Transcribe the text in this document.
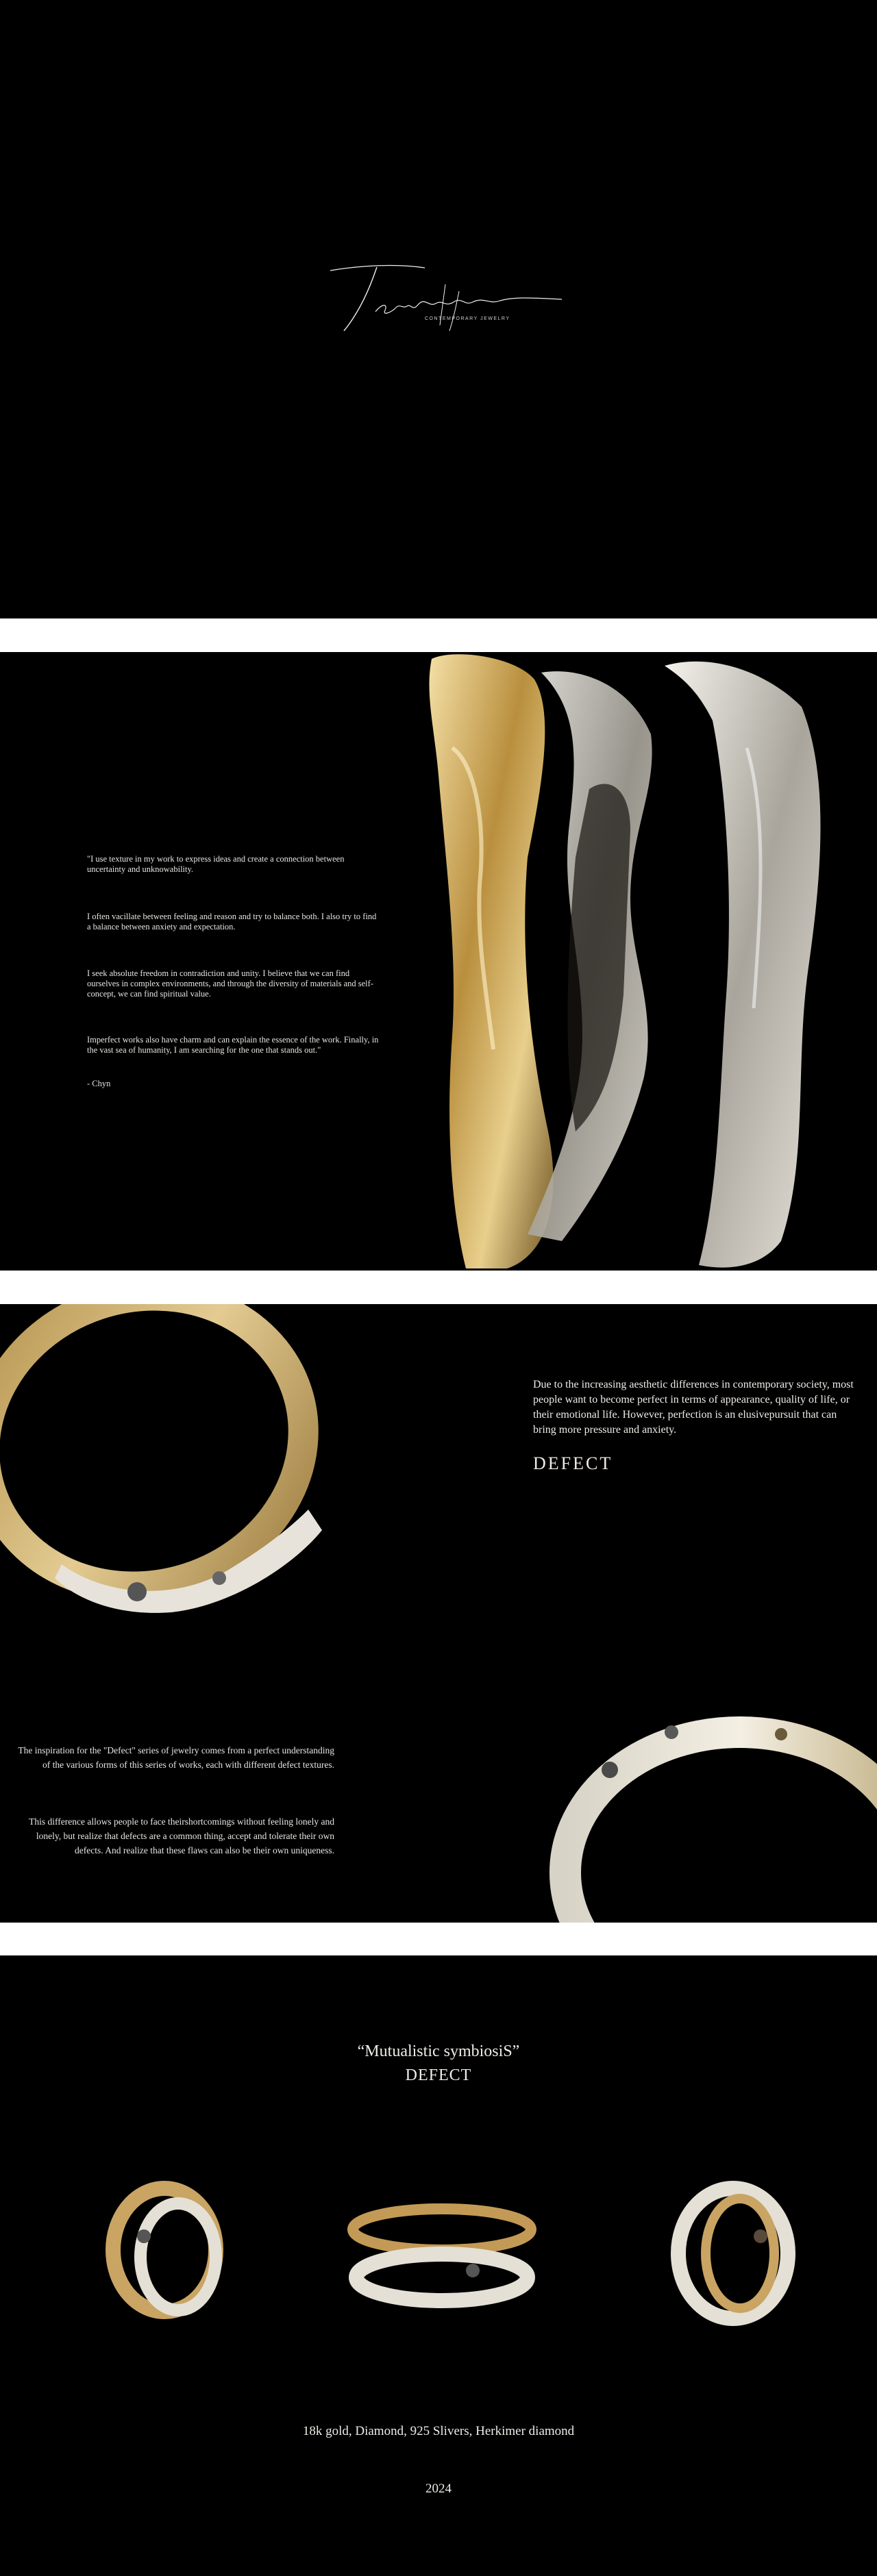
CONTEMPORARY JEWELRY
"I use texture in my work to express ideas and create a connection between uncertainty and unknowability.
I often vacillate between feeling and reason and try to balance both. I also try to find a balance between anxiety and expectation.
I seek absolute freedom in contradiction and unity. I believe that we can find ourselves in complex environments, and through the diversity of materials and self-concept, we can find spiritual value.
Imperfect works also have charm and can explain the essence of the work. Finally, in the vast sea of humanity, I am searching for the one that stands out."
- Chyn
Due to the increasing aesthetic differences in contemporary society, most people want to become perfect in terms of appearance, quality of life, or their emotional life. However, perfection is an elusivepursuit that can bring more pressure and anxiety.
DEFECT
The inspiration for the "Defect" series of jewelry comes from a perfect understanding of the various forms of this series of works, each with different defect textures.
This difference allows people to face theirshortcomings without feeling lonely and lonely, but realize that defects are a common thing, accept and tolerate their own defects. And realize that these flaws can also be their own uniqueness.
“Mutualistic symbiosiS”
DEFECT
18k gold, Diamond, 925 Slivers, Herkimer diamond
2024
